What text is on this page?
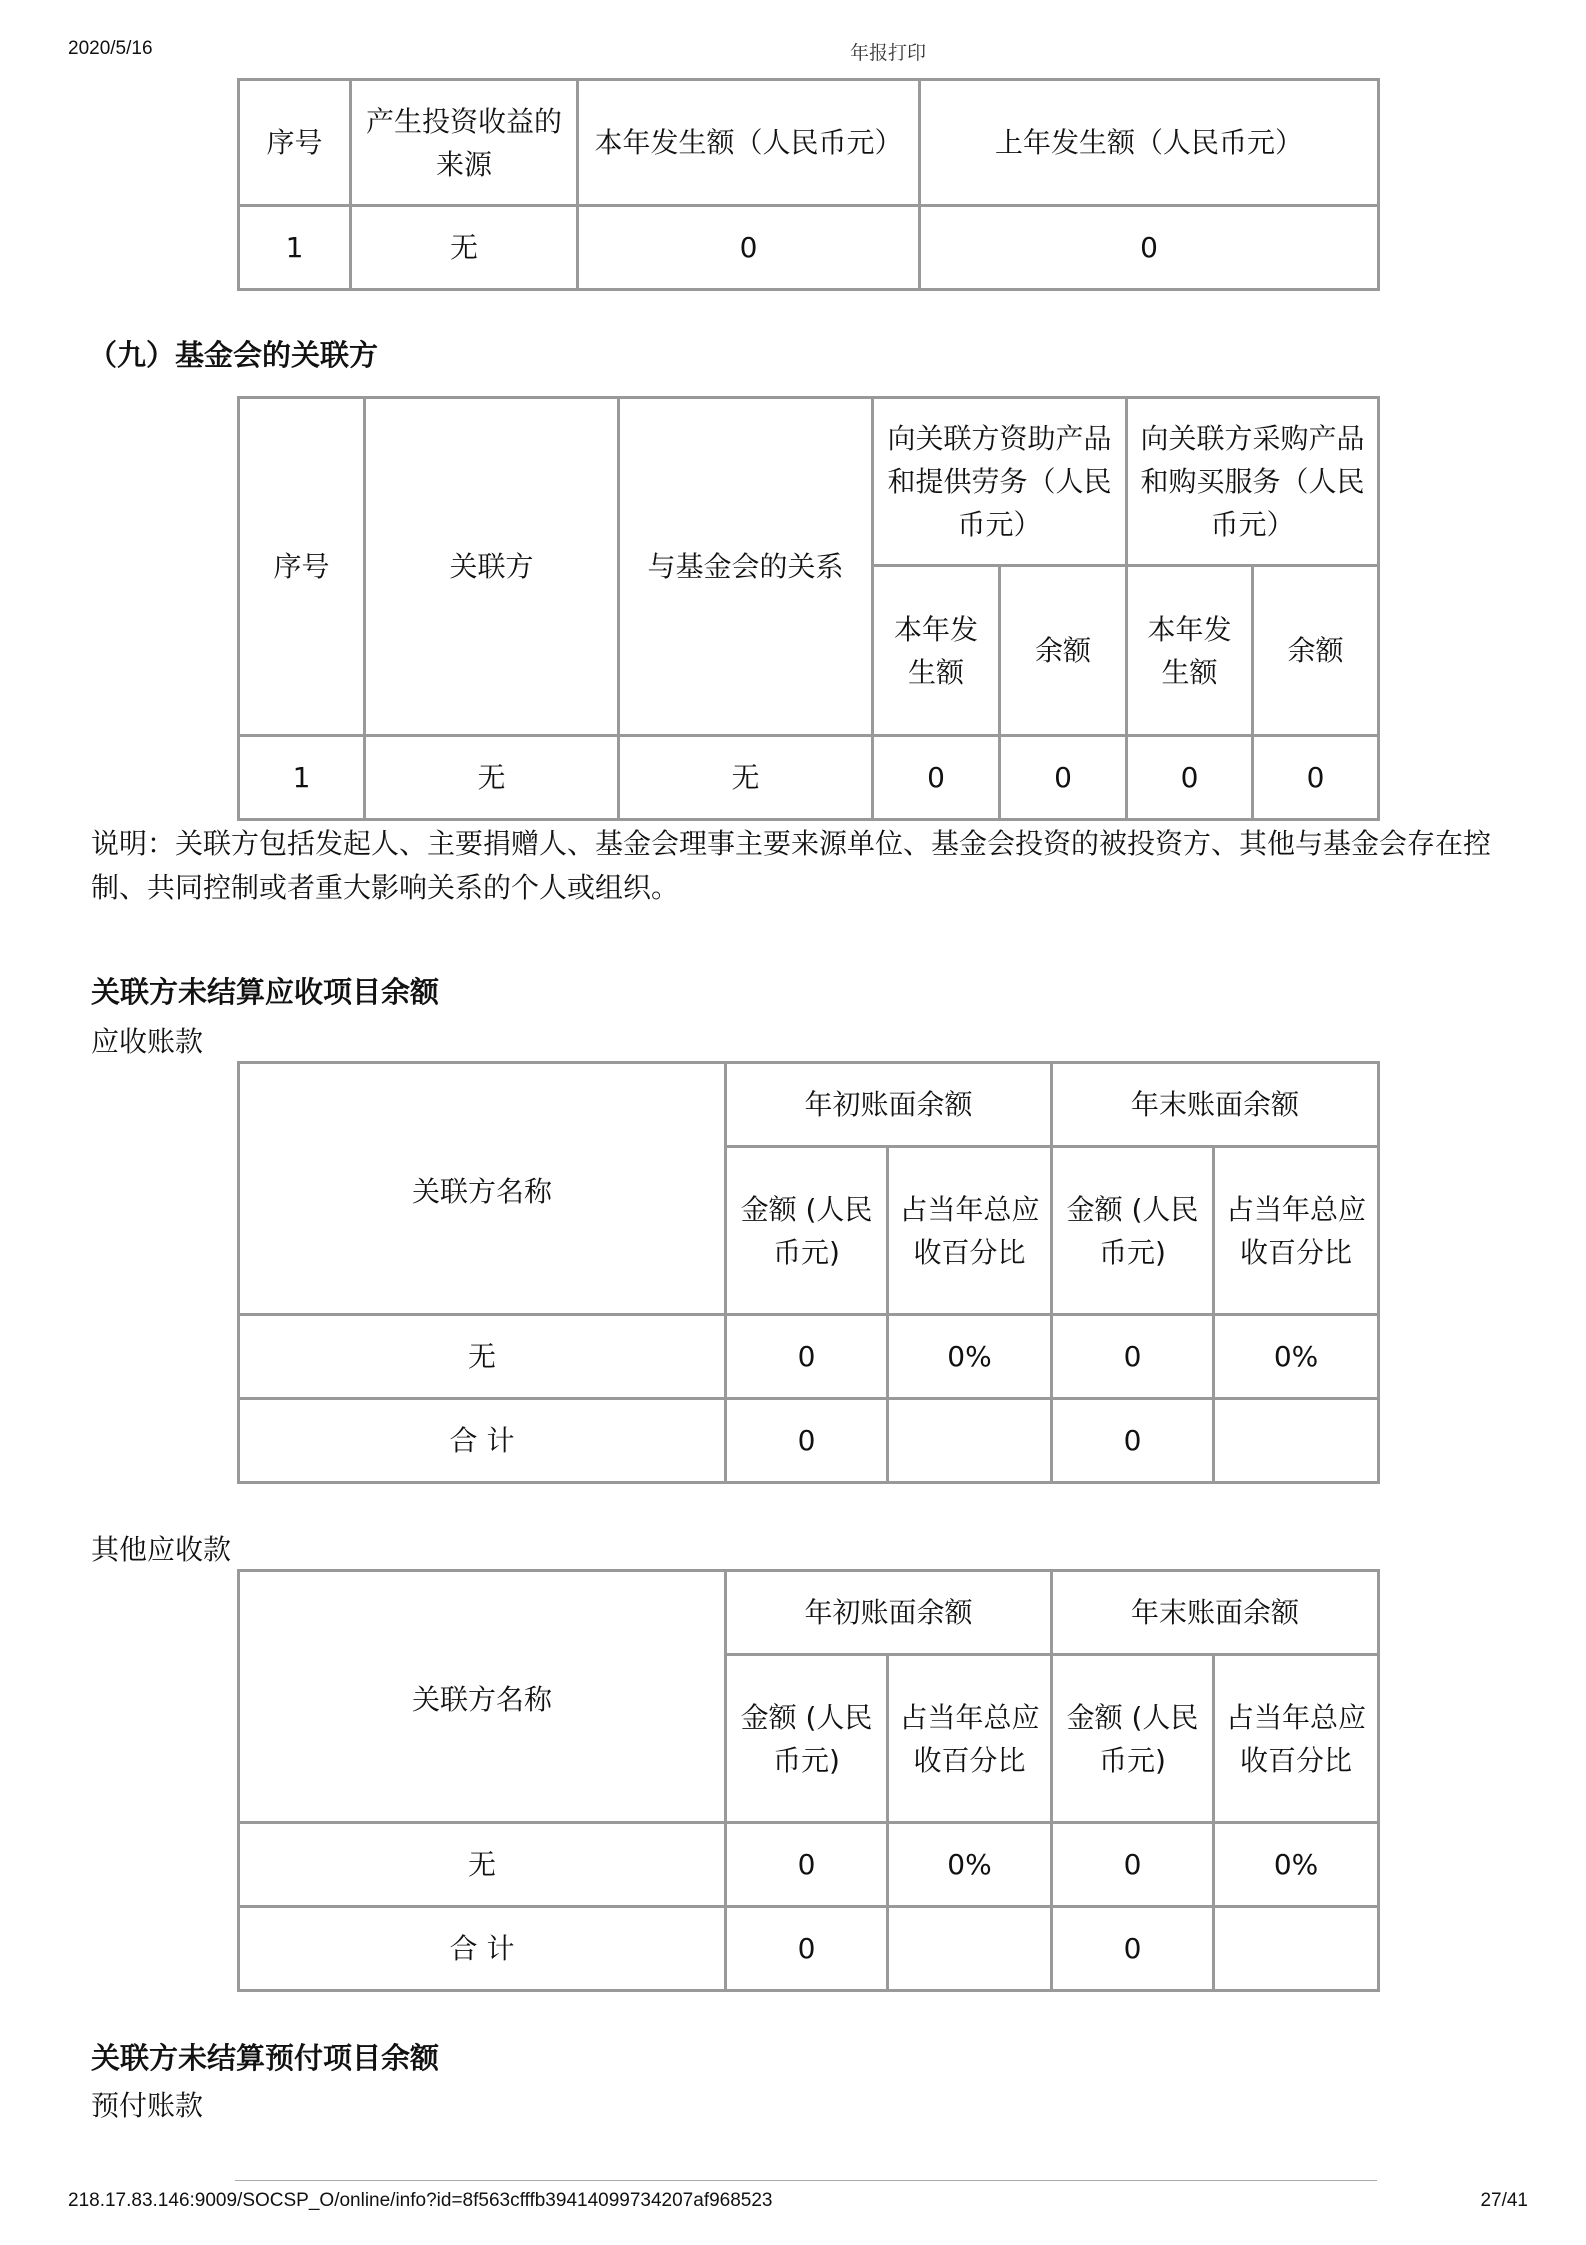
2020/5/16	年报打印
序号	产生投资收益的来源	本年发生额（人民币元）	上年发生额（人民币元）
1	无	0	0
（九）基金会的关联方
序号	关联方	与基金会的关系	向关联方资助产品和提供劳务（人民币元）		向关联方采购产品 和购买服务（人民币元）	
			本年发生额	余额	本年发生额	余额
1	无	无	0	0	0	0
说明：关联方包括发起人、主要捐赠人、基金会理事主要来源单位、基金会投资的被投资方、其他与基金会存在控制、共同控制或者重大影响关系的个人或组织。
关联方未结算应收项目余额
应收账款
关联方名称	年初账面余额		年末账面余额	
	金额 (人民币元)	占当年总应收百分比	金额 (人民币元)	占当年总应收百分比
无	0	0%	0	0%
合 计	0		0	
其他应收款
关联方名称	年初账面余额		年末账面余额	
	金额 (人民币元)	占当年总应收百分比	金额 (人民币元)	占当年总应收百分比
无	0	0%	0	0%
合 计	0		0	
关联方未结算预付项目余额
预付账款
218.17.83.146:9009/SOCSP_O/online/info?id=8f563cfffb39414099734207af968523	27/41
